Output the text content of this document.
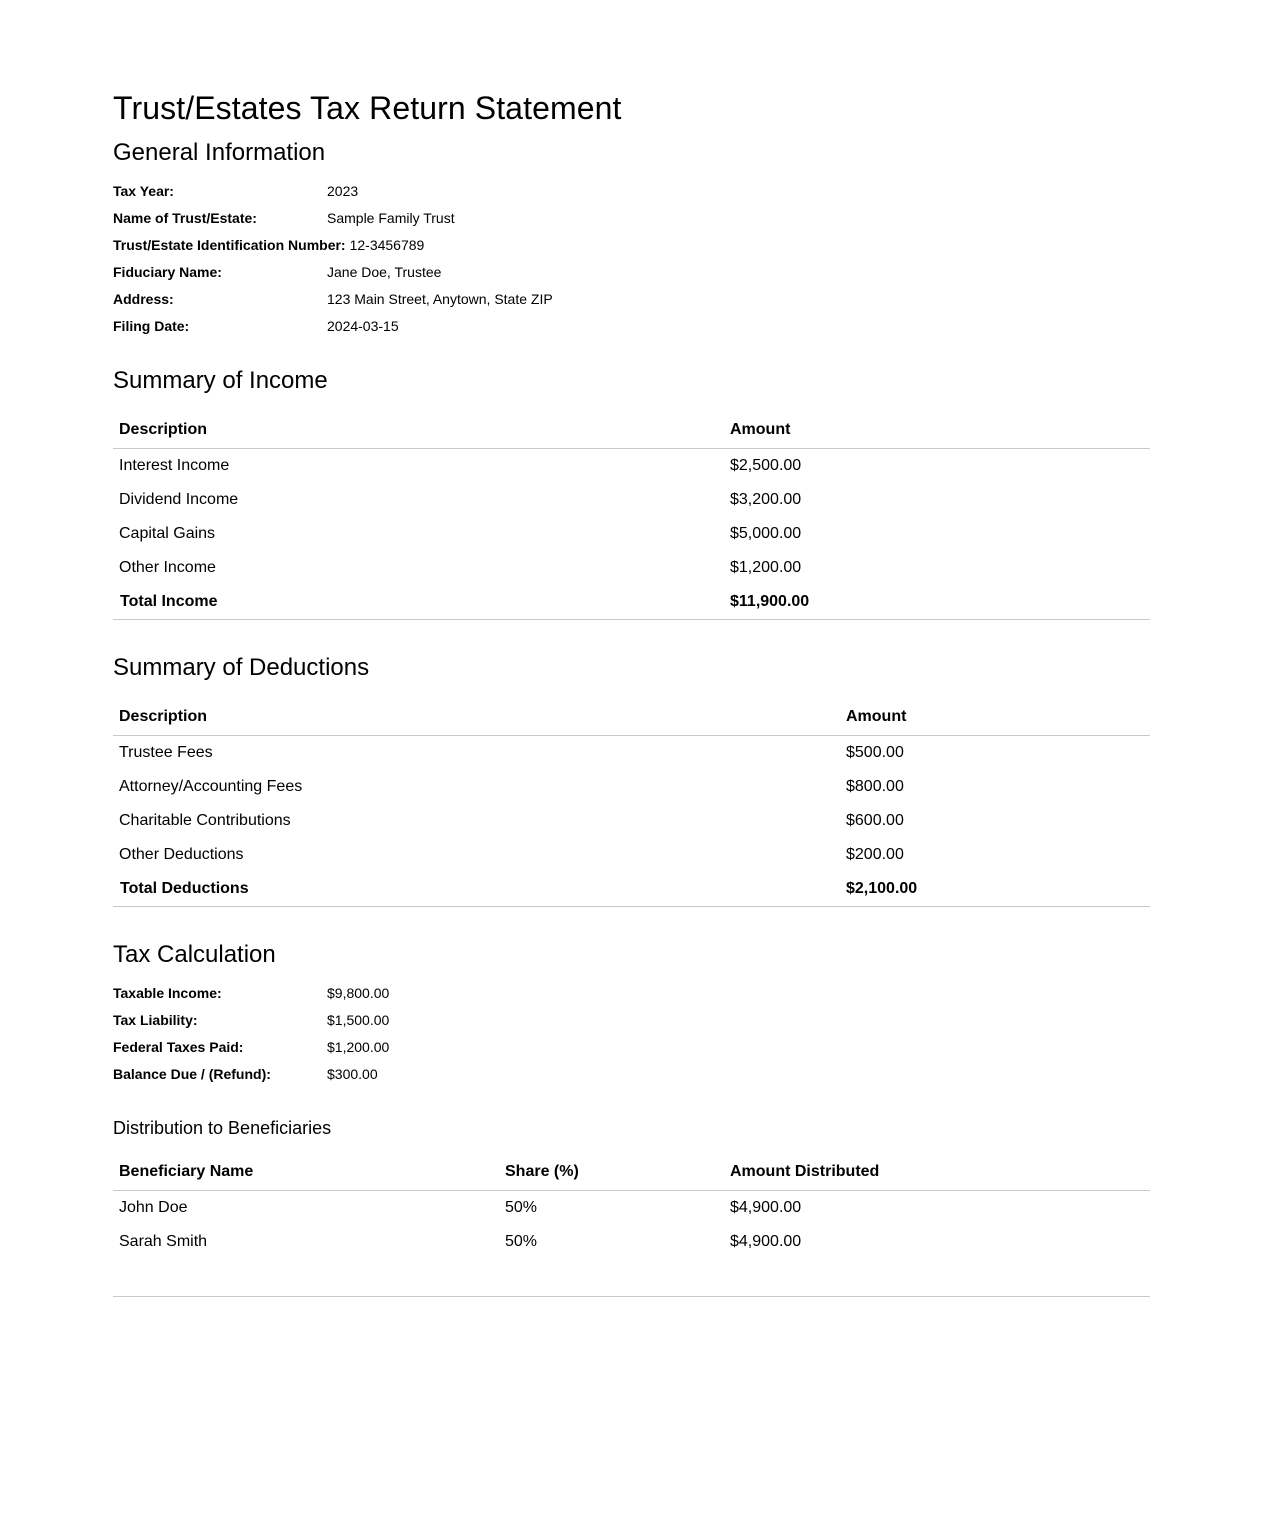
Trust/Estates Tax Return Statement
General Information
Tax Year:	2023
Name of Trust/Estate:	Sample Family Trust
Trust/Estate Identification Number: 12-3456789
Fiduciary Name:	Jane Doe, Trustee
Address:	123 Main Street, Anytown, State ZIP
Filing Date:	2024-03-15
Summary of Income
Description	Amount
Interest Income	$2,500.00
Dividend Income	$3,200.00
Capital Gains	$5,000.00
Other Income	$1,200.00
Total Income	$11,900.00
Summary of Deductions
Description	Amount
Trustee Fees	$500.00
Attorney/Accounting Fees	$800.00
Charitable Contributions	$600.00
Other Deductions	$200.00
Total Deductions	$2,100.00
Tax Calculation
Taxable Income:	$9,800.00
Tax Liability:	$1,500.00
Federal Taxes Paid:	$1,200.00
Balance Due / (Refund):	$300.00
Distribution to Beneficiaries
Beneficiary Name	Share (%)	Amount Distributed
John Doe	50%	$4,900.00
Sarah Smith	50%	$4,900.00
